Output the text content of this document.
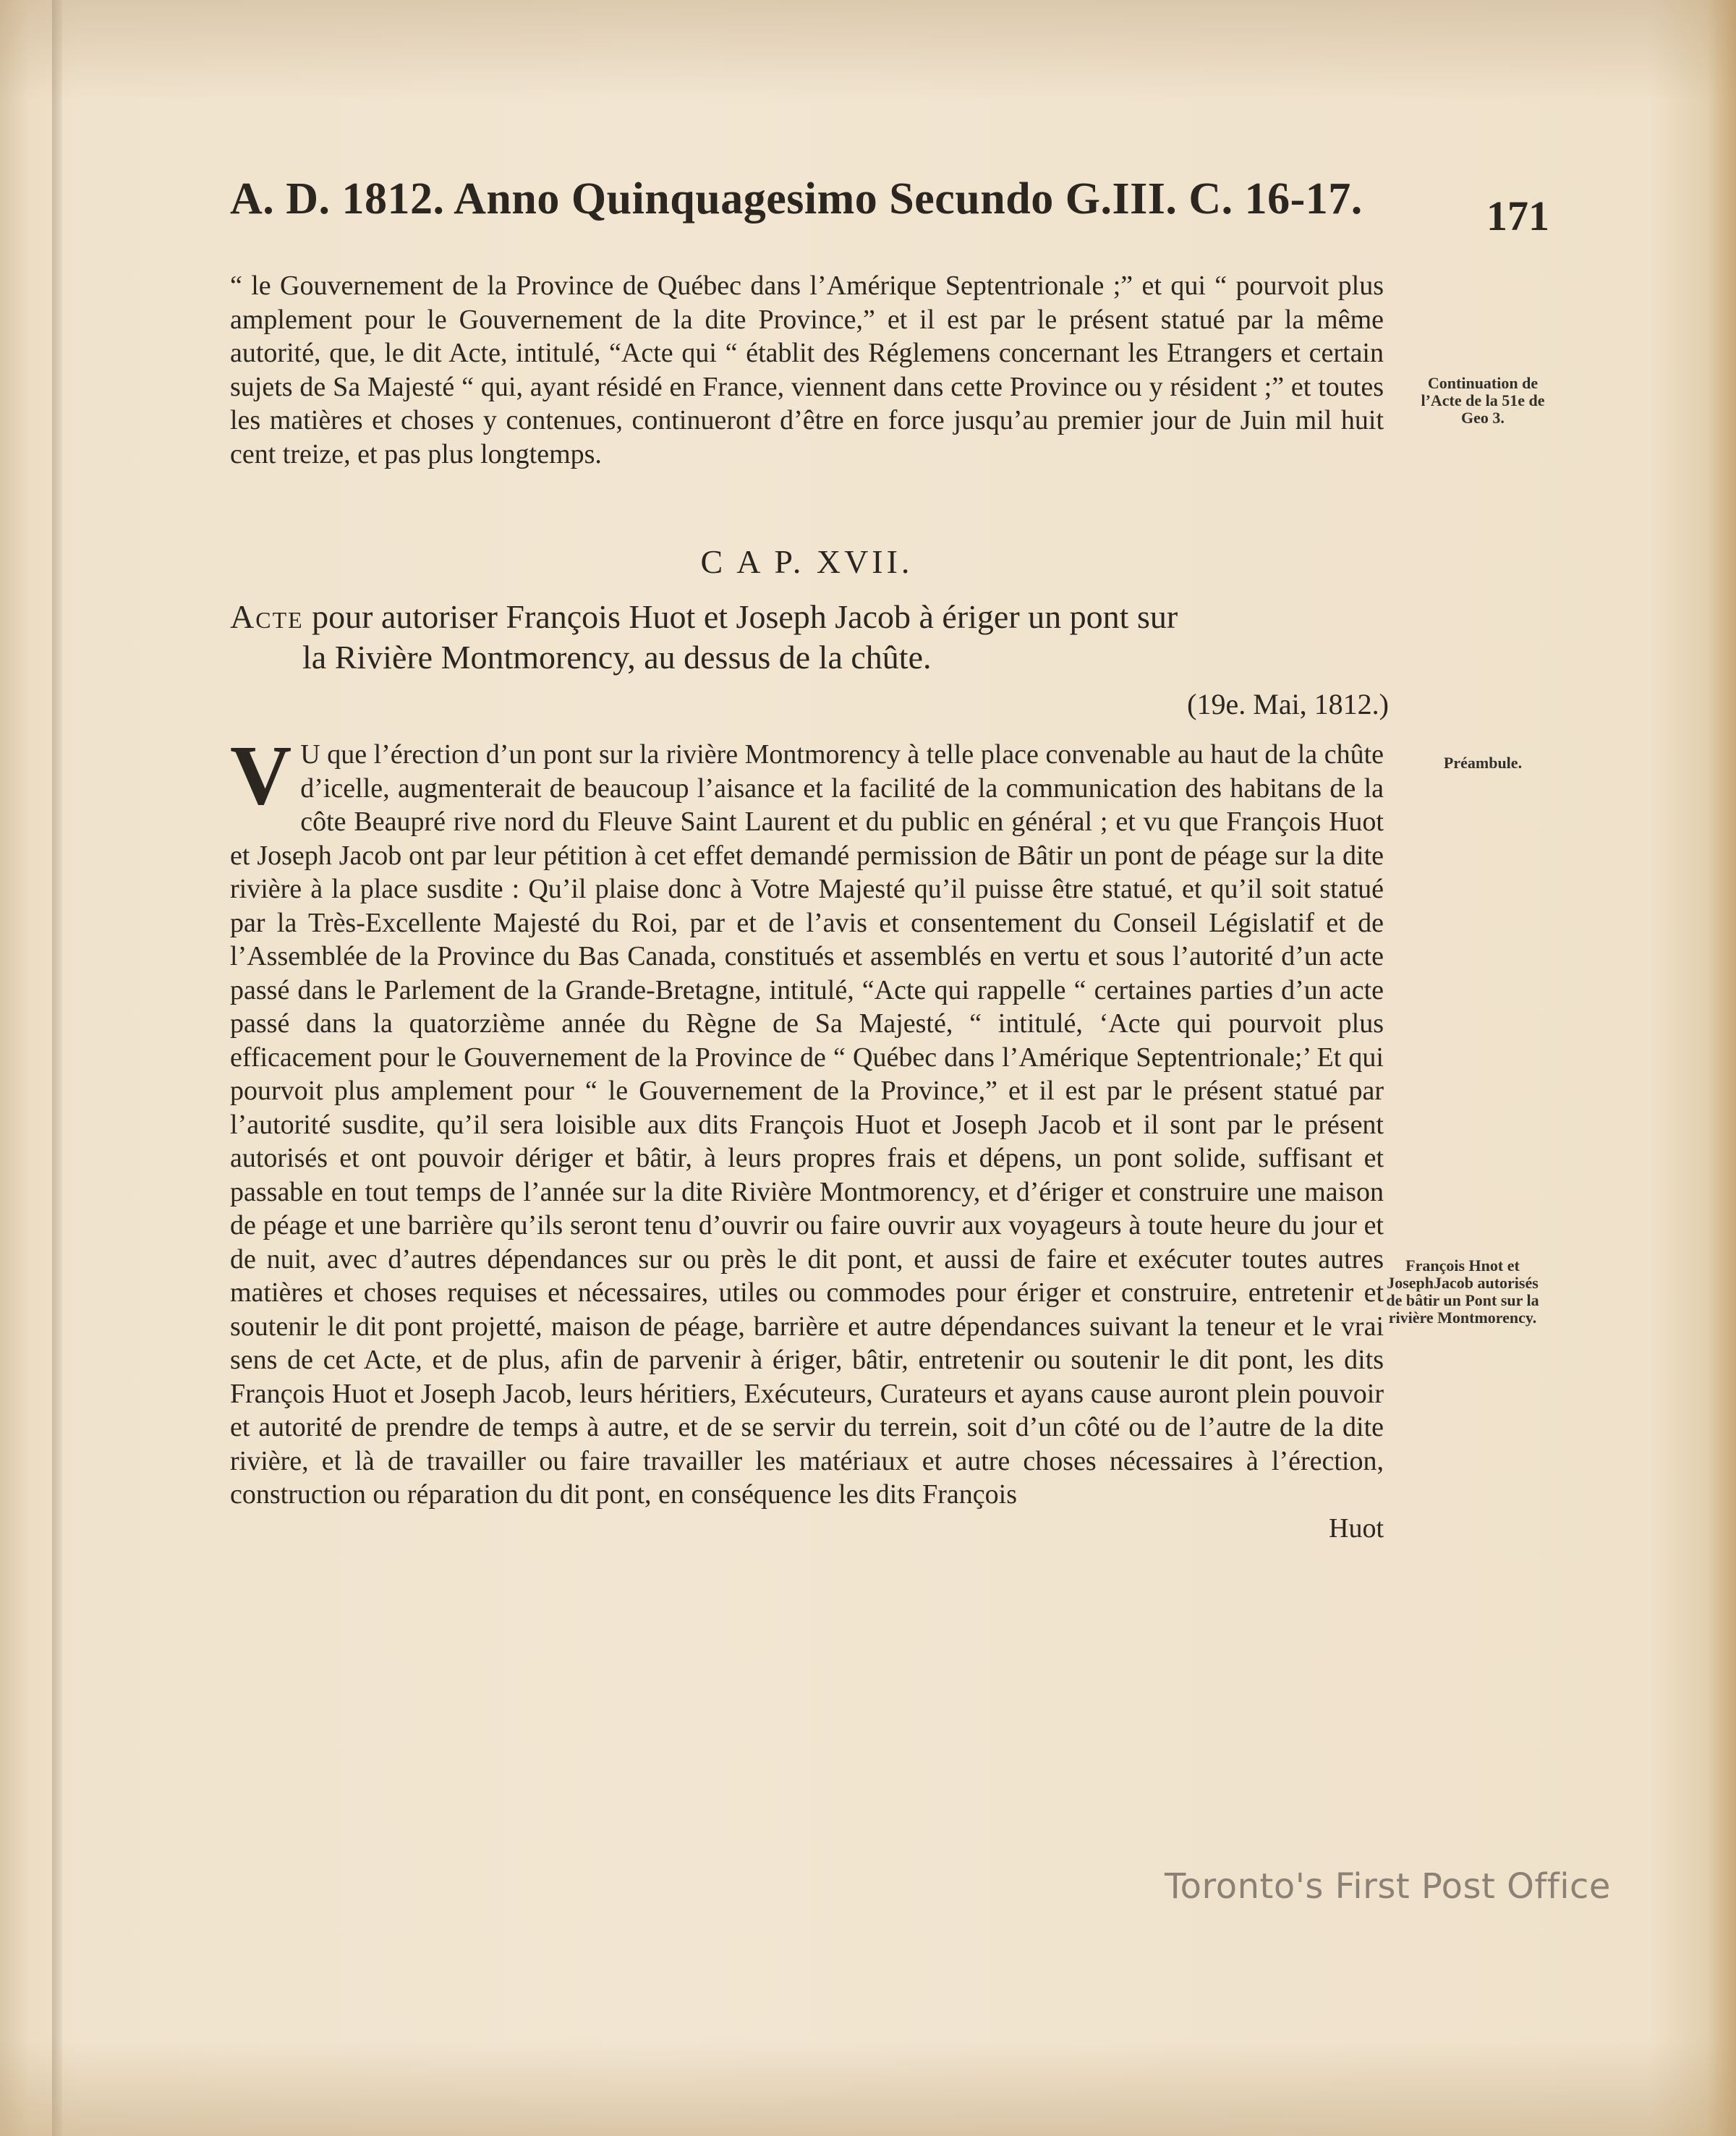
A. D. 1812. Anno Quinquagesimo Secundo G.III. C. 16-17.	171

“ le Gouvernement de la Province de Québec dans l’Amérique Septentrionale ;” et qui “ pourvoit plus amplement pour le Gouvernement de la dite Province,” et il est par le présent statué par la même autorité, que, le dit Acte, intitulé, “Acte qui “ établit des Réglemens concernant les Etrangers et certain sujets de Sa Majesté “ qui, ayant résidé en France, viennent dans cette Province ou y résident ;” et toutes les matières et choses y contenues, continueront d’être en force jusqu’au premier jour de Juin mil huit cent treize, et pas plus longtemps.

Continuation de l’Acte de la 51e de Geo 3.
C A P. XVII.
Acte pour autoriser François Huot et Joseph Jacob à ériger un pont sur
la Rivière Montmorency, au dessus de la chûte.
(19e. Mai, 1812.)
Préambule.
V U que l’érection d’un pont sur la rivière Montmorency à telle place convenable au haut de la chûte d’icelle, augmenterait de beaucoup l’aisance et la facilité de la communication des habitans de la côte Beaupré rive nord du Fleuve Saint Laurent et du public en général ; et vu que François Huot et Joseph Jacob ont par leur pétition à cet effet demandé permission de Bâtir un pont de péage sur la dite rivière à la place susdite : Qu’il plaise donc à Votre Majesté qu’il puisse être statué, et qu’il soit statué par la Très-Excellente Majesté du Roi, par et de l’avis et consentement du Conseil Législatif et de l’Assemblée de la Province du Bas Canada, constitués et assemblés en vertu et sous l’autorité d’un acte passé dans le Parlement de la Grande-Bretagne, intitulé, “Acte qui rappelle “ certaines parties d’un acte passé dans la quatorzième année du Règne de Sa Majesté, “ intitulé, ‘Acte qui pourvoit plus efficacement pour le Gouvernement de la Province de “ Québec dans l’Amérique Septentrionale;’ Et qui pourvoit plus amplement pour “ le Gouvernement de la Province,” et il est par le présent statué par l’autorité susdite, qu’il sera loisible aux dits François Huot et Joseph Jacob et il sont par le présent autorisés et ont pouvoir dériger et bâtir, à leurs propres frais et dépens, un pont solide, suffisant et passable en tout temps de l’année sur la dite Rivière Montmorency, et d’ériger et construire une maison de péage et une barrière qu’ils seront tenu d’ouvrir ou faire ouvrir aux voyageurs à toute heure du jour et de nuit, avec d’autres dépendances sur ou près le dit pont, et aussi de faire et exécuter toutes autres matières et choses requises et nécessaires, utiles ou commodes pour ériger et construire, entretenir et soutenir le dit pont projetté, maison de péage, barrière et autre dépendances suivant la teneur et le vrai sens de cet Acte, et de plus, afin de parvenir à ériger, bâtir, entretenir ou soutenir le dit pont, les dits François Huot et Joseph Jacob, leurs héritiers, Exécuteurs, Curateurs et ayans cause auront plein pouvoir et autorité de prendre de temps à autre, et de se servir du terrein, soit d’un côté ou de l’autre de la dite rivière, et là de travailler ou faire travailler les matériaux et autre choses nécessaires à l’érection, construction ou réparation du dit pont, en conséquence les dits François

Huot

François Hnot et JosephJacob autorisés de bâtir un Pont sur la rivière Montmorency.
Toronto's First Post Office
